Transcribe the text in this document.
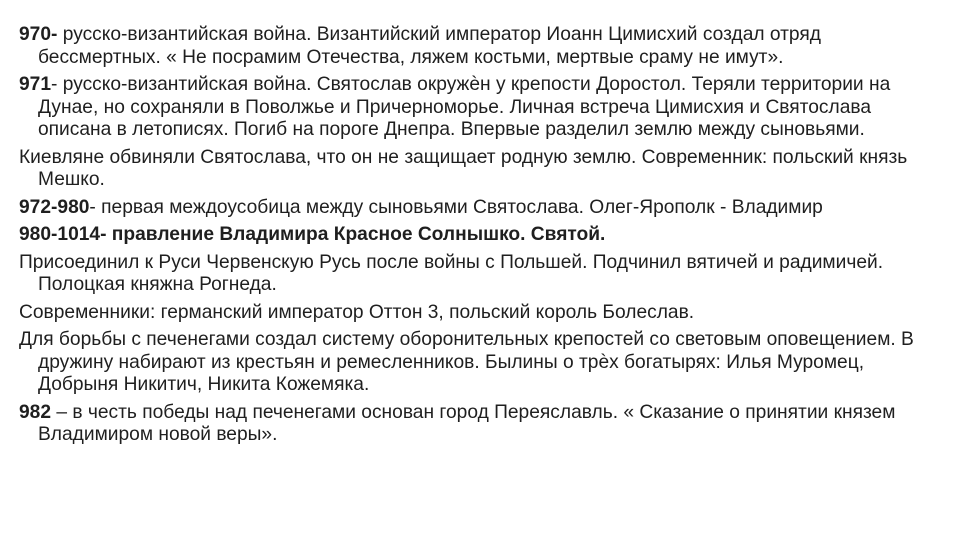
970- русско-византийская война. Византийский император Иоанн Цимисхий создал отряд бессмертных. « Не посрамим Отечества, ляжем костьми, мертвые сраму не имут».

971- русско-византийская война. Святослав окружѐн у крепости Доростол. Теряли территории на Дунае, но сохраняли в Поволжье и Причерноморье. Личная встреча Цимисхия и Святослава описана в летописях. Погиб на пороге Днепра. Впервые разделил землю между сыновьями.

Киевляне обвиняли Святослава, что он не защищает родную землю. Современник: польский князь Мешко.

972-980- первая междоусобица между сыновьями Святослава. Олег-Ярополк - Владимир

980-1014- правление Владимира Красное Солнышко. Святой.

Присоединил к Руси Червенскую Русь после войны с Польшей. Подчинил вятичей и радимичей. Полоцкая княжна Рогнеда.

Современники: германский император Оттон 3, польский король Болеслав.

Для борьбы с печенегами создал систему оборонительных крепостей со световым оповещением. В дружину набирают из крестьян и ремесленников. Былины о трѐх богатырях: Илья Муромец, Добрыня Никитич, Никита Кожемяка.

982 – в честь победы над печенегами основан город Переяславль. « Сказание о принятии князем Владимиром новой веры».
